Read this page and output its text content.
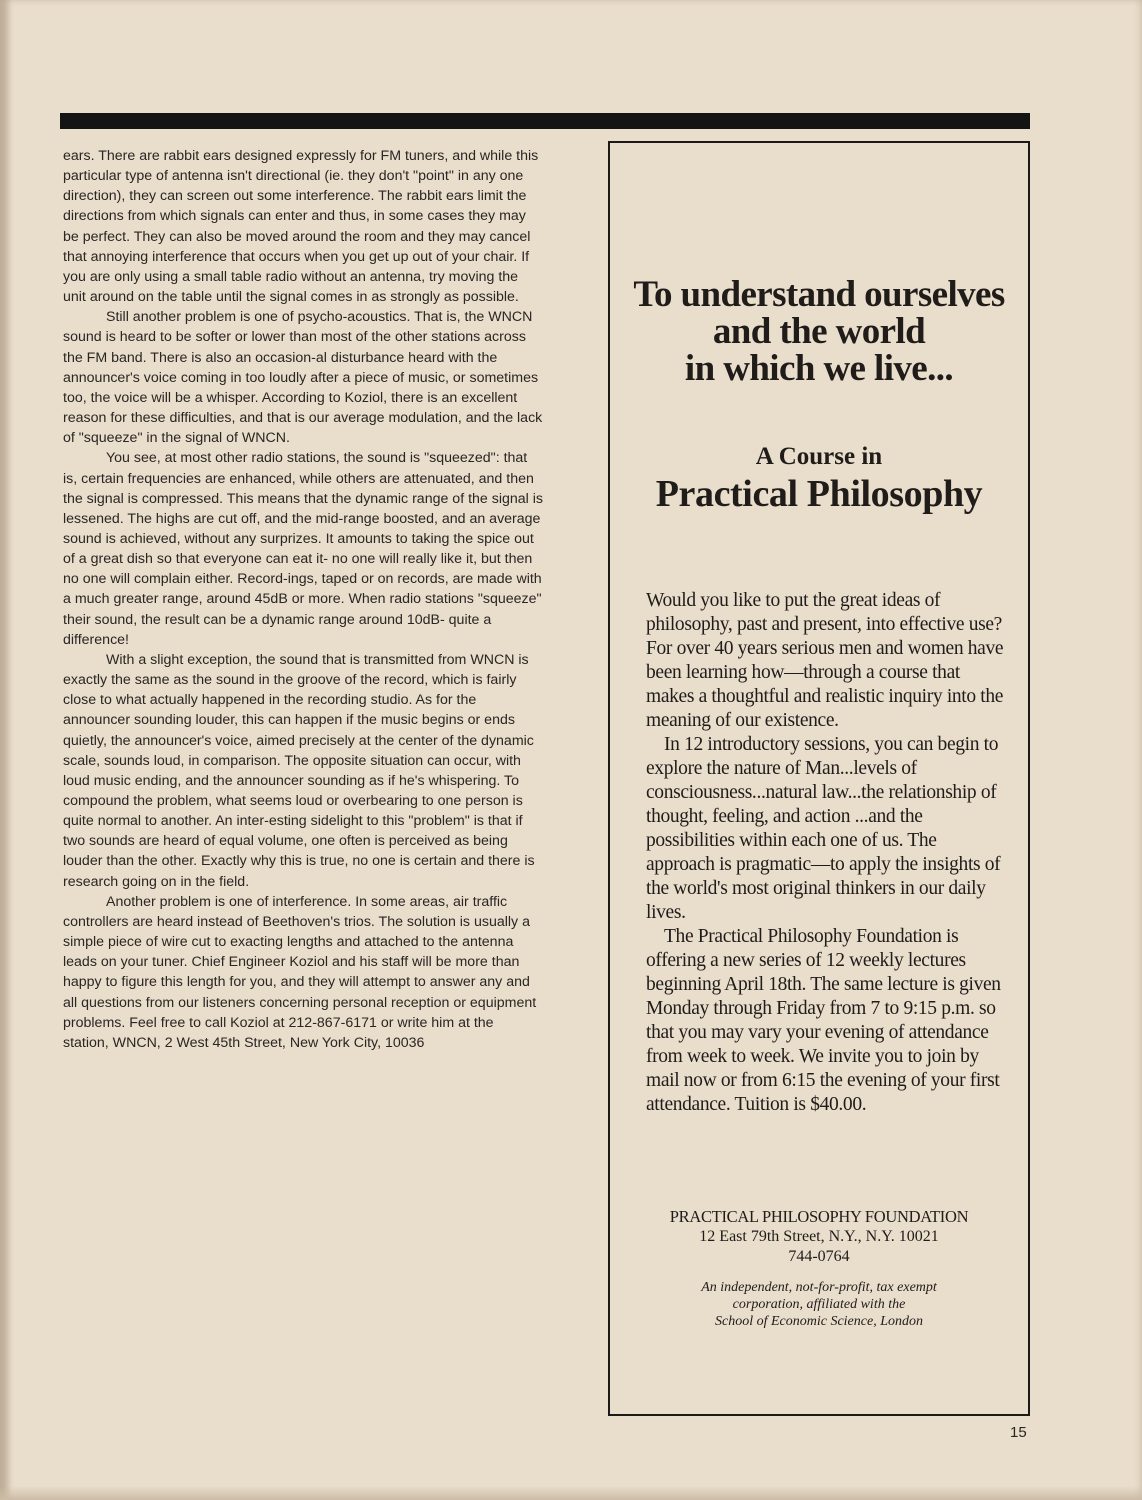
ears. There are rabbit ears designed expressly for FM tuners, and while this particular type of antenna isn't directional (ie. they don't "point" in any one direction), they can screen out some interference. The rabbit ears limit the directions from which signals can enter and thus, in some cases they may be perfect. They can also be moved around the room and they may cancel that annoying interference that occurs when you get up out of your chair. If you are only using a small table radio without an antenna, try moving the unit around on the table until the signal comes in as strongly as possible.

Still another problem is one of psycho-acoustics. That is, the WNCN sound is heard to be softer or lower than most of the other stations across the FM band. There is also an occasion-al disturbance heard with the announcer's voice coming in too loudly after a piece of music, or sometimes too, the voice will be a whisper. According to Koziol, there is an excellent reason for these difficulties, and that is our average modulation, and the lack of "squeeze" in the signal of WNCN.

You see, at most other radio stations, the sound is "squeezed": that is, certain frequencies are enhanced, while others are attenuated, and then the signal is compressed. This means that the dynamic range of the signal is lessened. The highs are cut off, and the mid-range boosted, and an average sound is achieved, without any surprizes. It amounts to taking the spice out of a great dish so that everyone can eat it- no one will really like it, but then no one will complain either. Record-ings, taped or on records, are made with a much greater range, around 45dB or more. When radio stations "squeeze" their sound, the result can be a dynamic range around 10dB- quite a difference!

With a slight exception, the sound that is transmitted from WNCN is exactly the same as the sound in the groove of the record, which is fairly close to what actually happened in the recording studio. As for the announcer sounding louder, this can happen if the music begins or ends quietly, the announcer's voice, aimed precisely at the center of the dynamic scale, sounds loud, in comparison. The opposite situation can occur, with loud music ending, and the announcer sounding as if he's whispering. To compound the problem, what seems loud or overbearing to one person is quite normal to another. An inter-esting sidelight to this "problem" is that if two sounds are heard of equal volume, one often is perceived as being louder than the other. Exactly why this is true, no one is certain and there is research going on in the field.

Another problem is one of interference. In some areas, air traffic controllers are heard instead of Beethoven's trios. The solution is usually a simple piece of wire cut to exacting lengths and attached to the antenna leads on your tuner. Chief Engineer Koziol and his staff will be more than happy to figure this length for you, and they will attempt to answer any and all questions from our listeners concerning personal reception or equipment problems. Feel free to call Koziol at 212-867-6171 or write him at the station, WNCN, 2 West 45th Street, New York City, 10036

To understand ourselves
and the world
in which we live...
A Course in
Practical Philosophy

Would you like to put the great ideas of philosophy, past and present, into effective use? For over 40 years serious men and women have been learning how—through a course that makes a thoughtful and realistic inquiry into the meaning of our existence.

In 12 introductory sessions, you can begin to explore the nature of Man...levels of consciousness...natural law...the relationship of thought, feeling, and action ...and the possibilities within each one of us. The approach is pragmatic—to apply the insights of the world's most original thinkers in our daily lives.

The Practical Philosophy Foundation is offering a new series of 12 weekly lectures beginning April 18th. The same lecture is given Monday through Friday from 7 to 9:15 p.m. so that you may vary your evening of attendance from week to week. We invite you to join by mail now or from 6:15 the evening of your first attendance. Tuition is $40.00.

PRACTICAL PHILOSOPHY FOUNDATION
12 East 79th Street, N.Y., N.Y. 10021
744-0764
An independent, not-for-profit, tax exempt
corporation, affiliated with the
School of Economic Science, London
15
